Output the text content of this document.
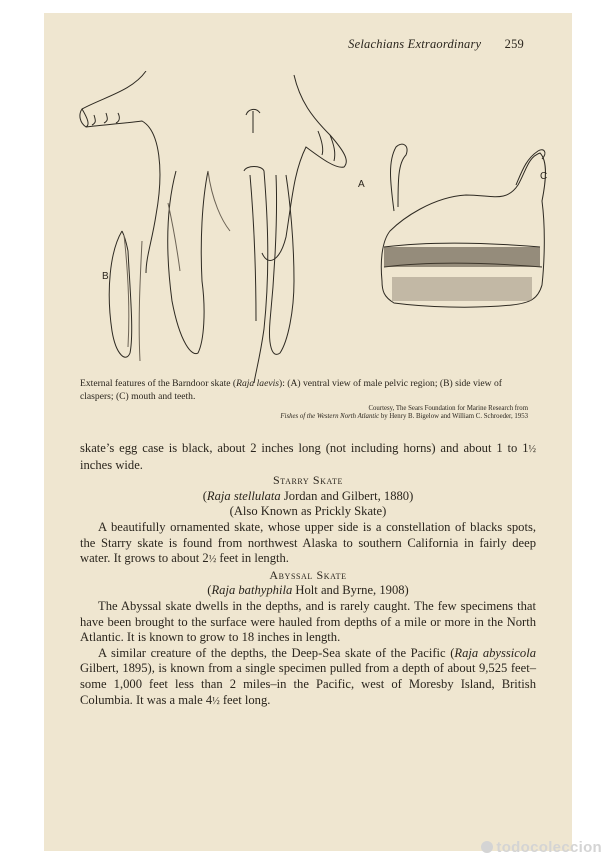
Selachians Extraordinary 259
A
B
C
External features of the Barndoor skate (Raja laevis): (A) ventral view of male pelvic region; (B) side view of claspers; (C) mouth and teeth.
Courtesy, The Sears Foundation for Marine Research from
Fishes of the Western North Atlantic by Henry B. Bigelow and William C. Schroeder, 1953

skate’s egg case is black, about 2 inches long (not including horns) and about 1 to 1½ inches wide.

Starry Skate

(Raja stellulata Jordan and Gilbert, 1880)

(Also Known as Prickly Skate)

A beautifully ornamented skate, whose upper side is a constellation of blacks spots, the Starry skate is found from northwest Alaska to southern California in fairly deep water. It grows to about 2½ feet in length.

Abyssal Skate

(Raja bathyphila Holt and Byrne, 1908)

The Abyssal skate dwells in the depths, and is rarely caught. The few specimens that have been brought to the surface were hauled from depths of a mile or more in the North Atlantic. It is known to grow to 18 inches in length.

A similar creature of the depths, the Deep-Sea skate of the Pacific (Raja abyssicola Gilbert, 1895), is known from a single specimen pulled from a depth of about 9,525 feet–some 1,000 feet less than 2 miles–in the Pacific, west of Moresby Island, British Columbia. It was a male 4½ feet long.

todocoleccion
